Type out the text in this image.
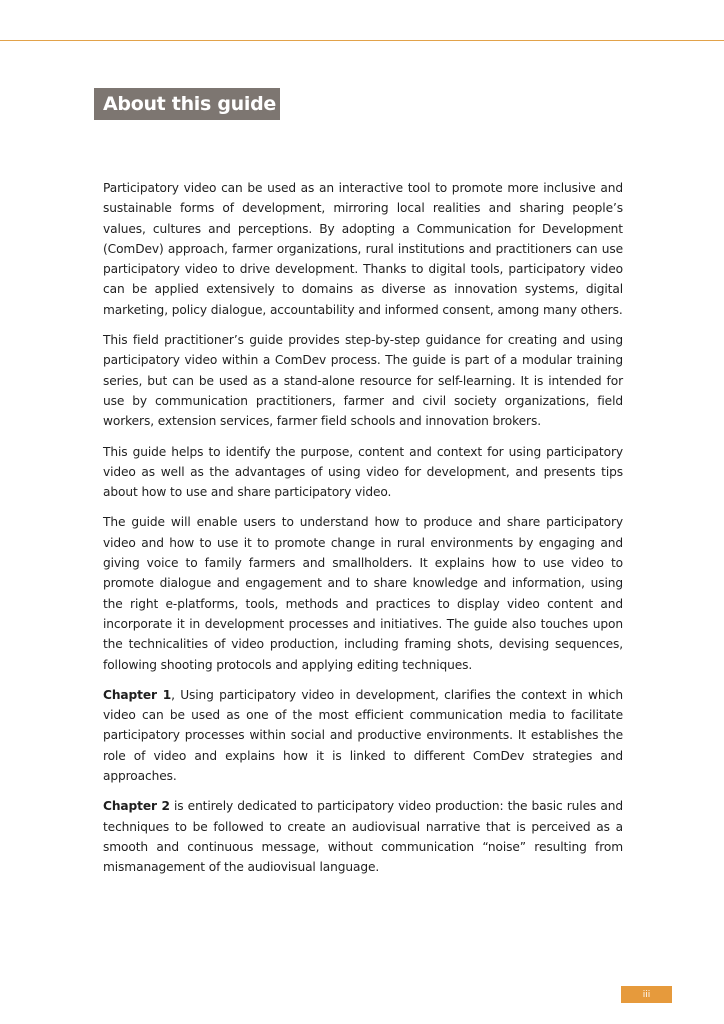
About this guide

Participatory video can be used as an interactive tool to promote more inclusive and sustainable forms of development, mirroring local realities and sharing people’s values, cultures and perceptions. By adopting a Communication for Development (ComDev) approach, farmer organizations, rural institutions and practitioners can use participatory video to drive development. Thanks to digital tools, participatory video can be applied extensively to domains as diverse as innovation systems, digital marketing, policy dialogue, accountability and informed consent, among many others.

This field practitioner’s guide provides step-by-step guidance for creating and using participatory video within a ComDev process. The guide is part of a modular training series, but can be used as a stand-alone resource for self-learning. It is intended for use by communication practitioners, farmer and civil society organizations, field workers, extension services, farmer field schools and innovation brokers.

This guide helps to identify the purpose, content and context for using participatory video as well as the advantages of using video for development, and presents tips about how to use and share participatory video.

The guide will enable users to understand how to produce and share participatory video and how to use it to promote change in rural environments by engaging and giving voice to family farmers and smallholders. It explains how to use video to promote dialogue and engagement and to share knowledge and information, using the right e-platforms, tools, methods and practices to display video content and incorporate it in development processes and initiatives. The guide also touches upon the technicalities of video production, including framing shots, devising sequences, following shooting protocols and applying editing techniques.

Chapter 1, Using participatory video in development, clarifies the context in which video can be used as one of the most efficient communication media to facilitate participatory processes within social and productive environments. It establishes the role of video and explains how it is linked to different ComDev strategies and approaches.

Chapter 2 is entirely dedicated to participatory video production: the basic rules and techniques to be followed to create an audiovisual narrative that is perceived as a smooth and continuous message, without communication “noise” resulting from mismanagement of the audiovisual language.

iii
